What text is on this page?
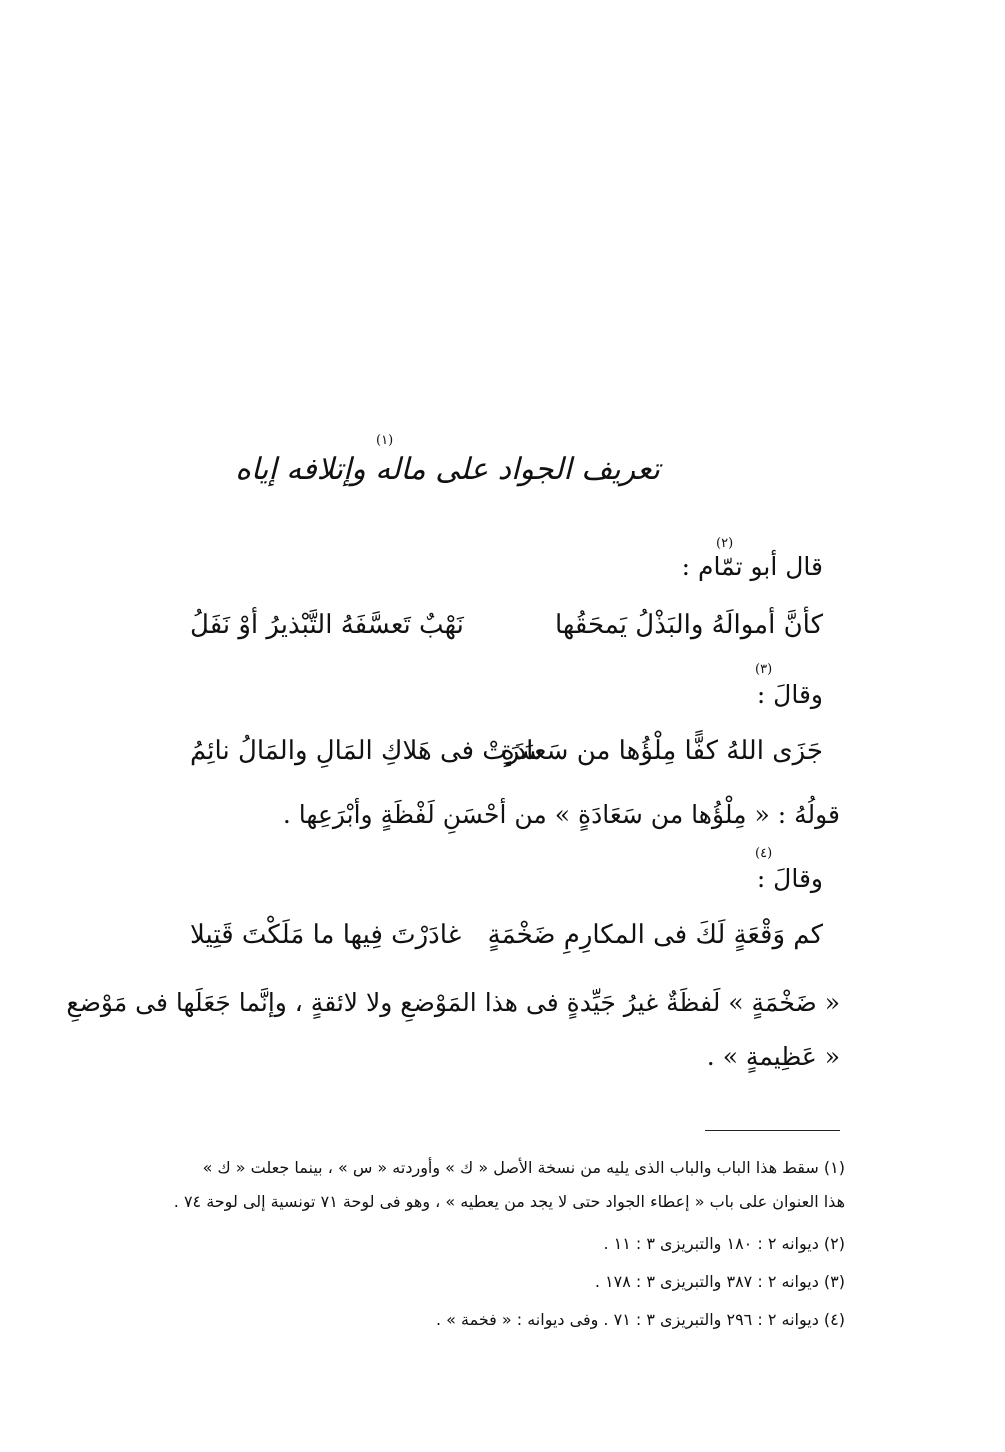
تعريف الجواد على ماله وإتلافه إياه
(١)
(٢)
قال أبو تمّام :
كأنَّ أموالَهُ والبَذْلُ يَمحَقُها
نَهْبٌ تَعسَّفَهُ التَّبْذيرُ أوْ نَفَلُ
(٣)
وقالَ :
جَزَى اللهُ كفًّا مِلْؤُها من سَعادَةٍ
سَرَتْ فى هَلاكِ المَالِ والمَالُ نائِمُ
قولُهُ : « مِلْؤُها من سَعَادَةٍ » من أحْسَنِ لَفْظَةٍ وأبْرَعِها .
(٤)
وقالَ :
كم وَقْعَةٍ لَكَ فى المكارِمِ ضَخْمَةٍ
غادَرْتَ فِيها ما مَلَكْتَ قَتِيلا
« ضَخْمَةٍ » لَفظَةٌ غيرُ جَيِّدةٍ فى هذا المَوْضعِ ولا لائقةٍ ، وإنَّما جَعَلَها فى مَوْضعِ
« عَظِيمةٍ » .
(١) سقط هذا الباب والباب الذى يليه من نسخة الأصل « ك » وأوردته « س » ، بينما جعلت « ك »
هذا العنوان على باب « إعطاء الجواد حتى لا يجد من يعطيه » ، وهو فى لوحة ٧١ تونسية إلى لوحة ٧٤ .
(٢) ديوانه ٢ : ١٨٠ والتبريزى ٣ : ١١ .
(٣) ديوانه ٢ : ٣٨٧ والتبريزى ٣ : ١٧٨ .
(٤) ديوانه ٢ : ٢٩٦ والتبريزى ٣ : ٧١ . وفى ديوانه : « فخمة » .
